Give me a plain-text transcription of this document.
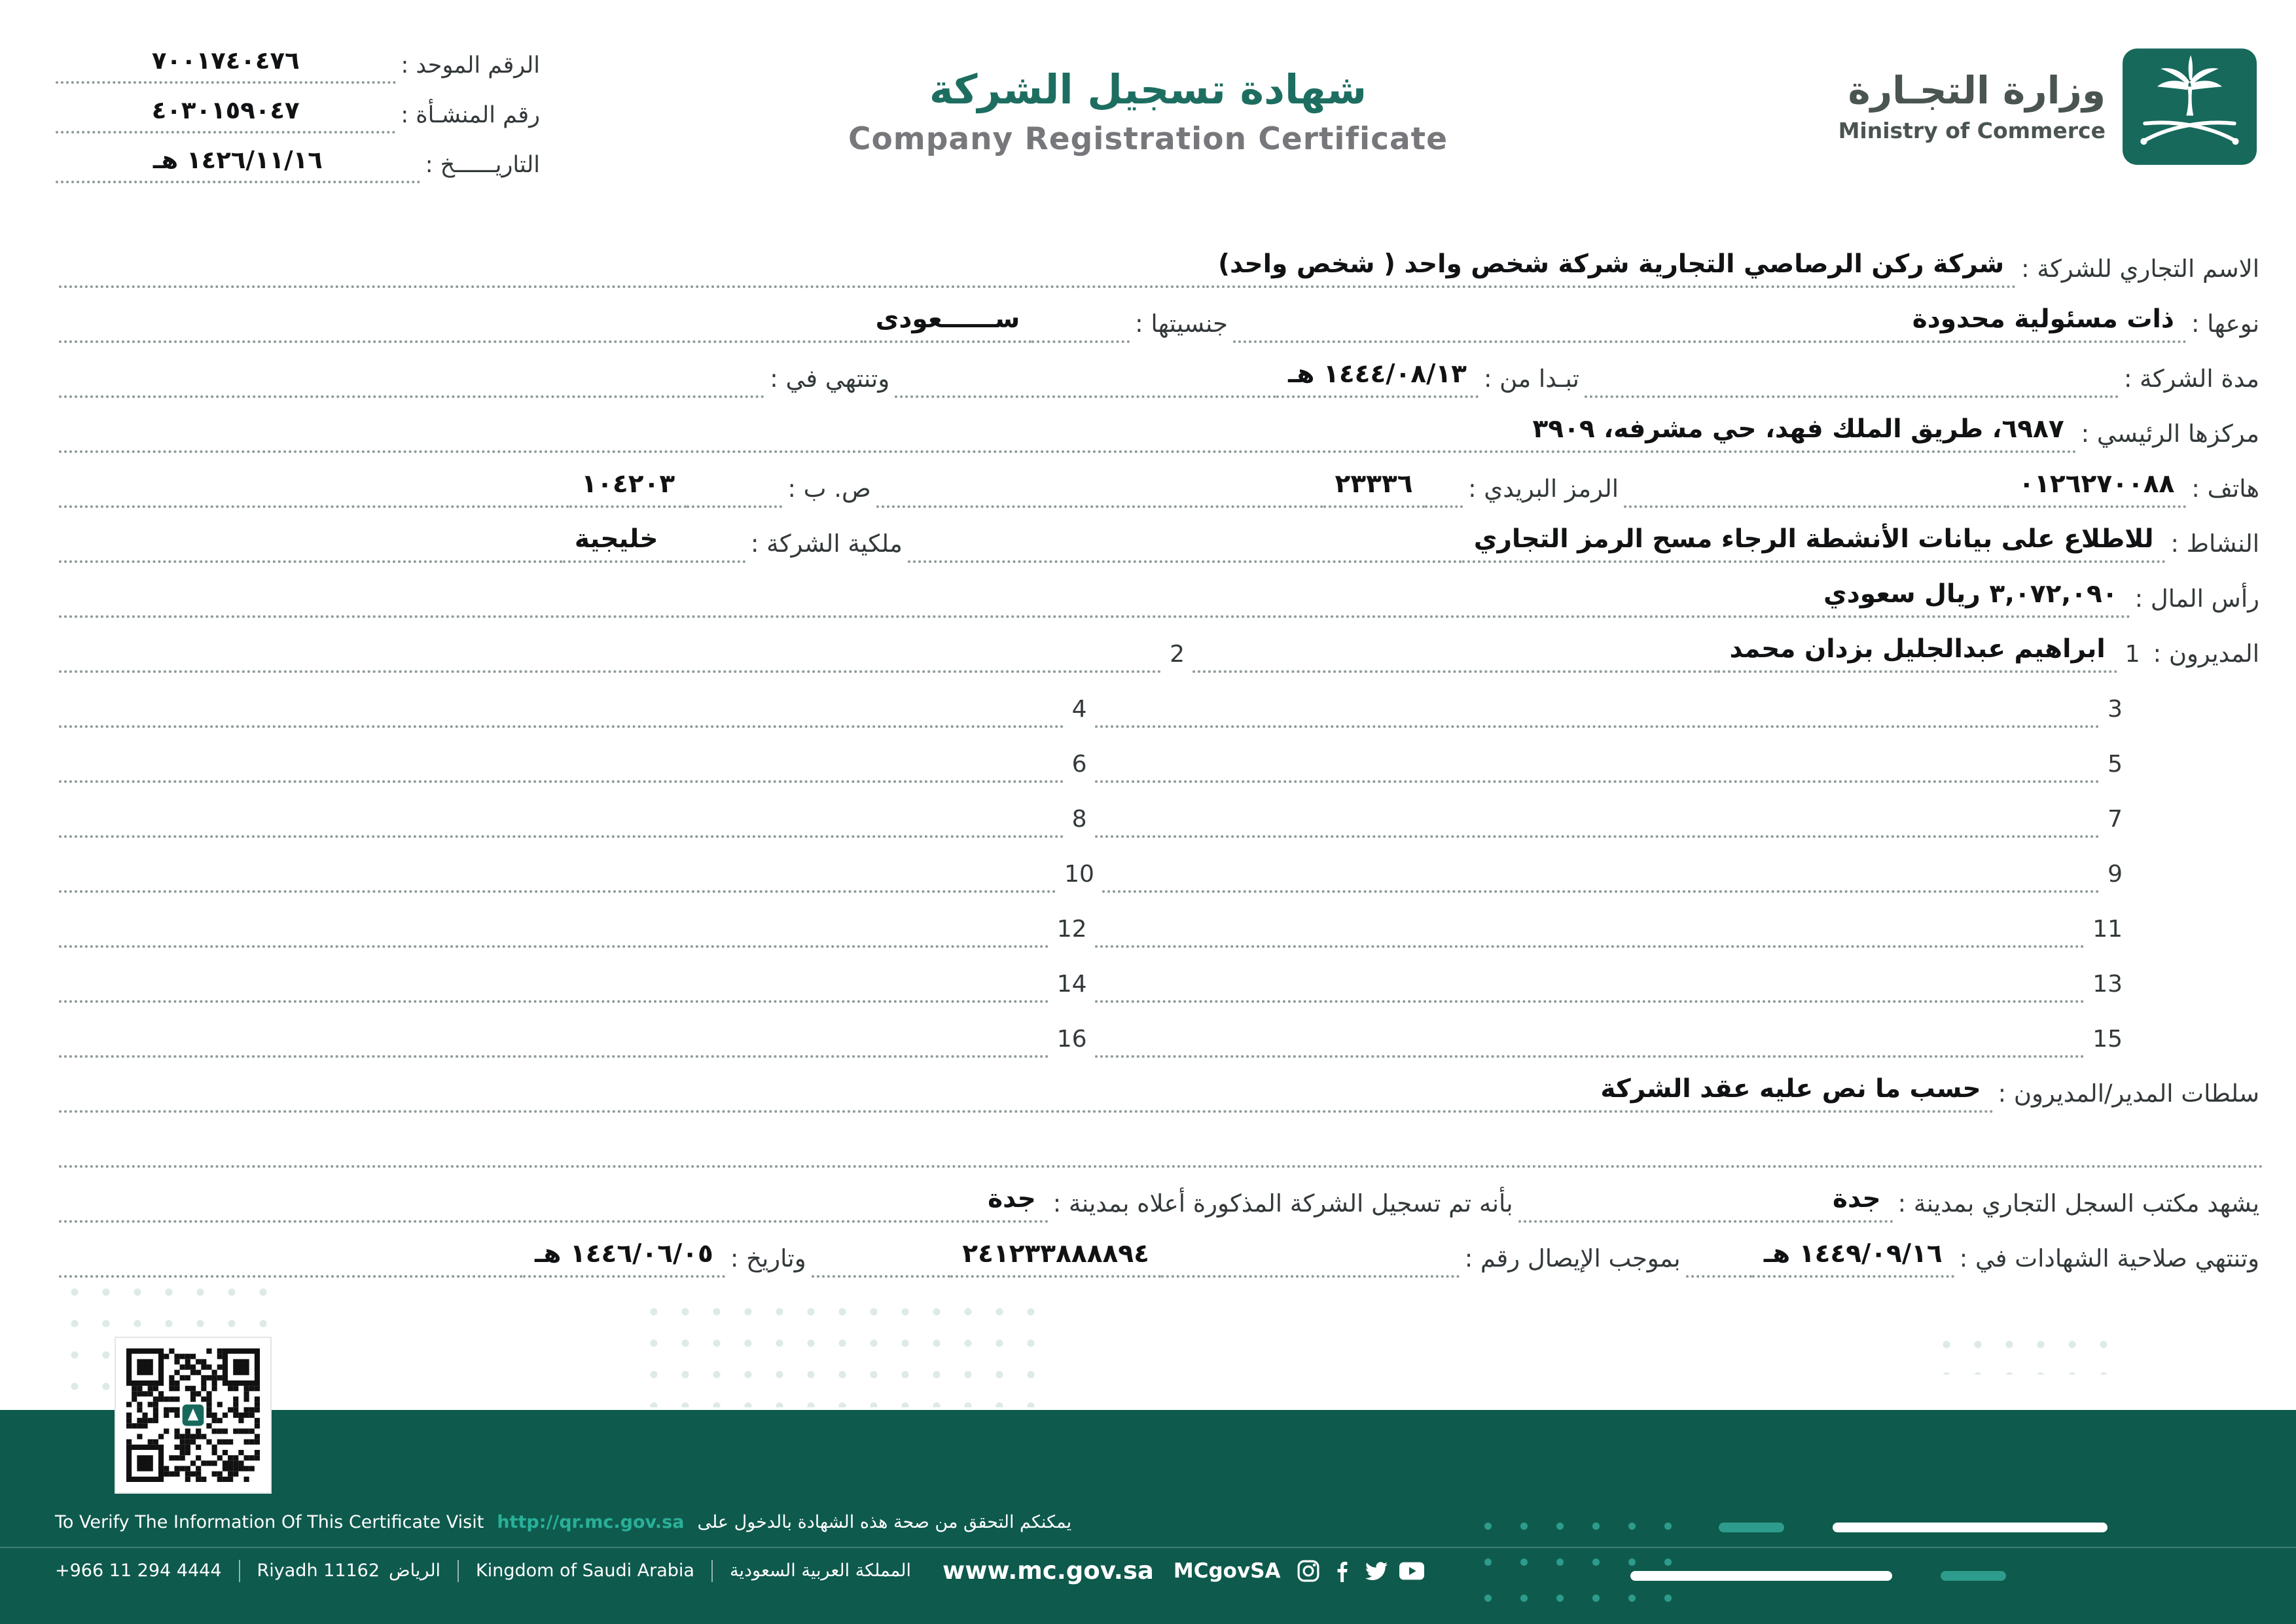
الرقم الموحد :
٧٠٠١٧٤٠٤٧٦
رقم المنشـأة :
٤٠٣٠١٥٩٠٤٧
التاريــــــخ :
١٤٢٦/١١/١٦ هـ
شهادة تسجيل الشركة
Company Registration Certificate
وزارة التجـارة
Ministry of Commerce
الاسم التجاري للشركة :
شركة ركن الرصاصي التجارية شركة شخص واحد ( شخص واحد)
نوعها :
ذات مسئولية محدودة
جنسيتها :
ســــــعودى
مدة الشركة :
تبـدا من :
١٤٤٤/٠٨/١٣ هـ
وتنتهي في :
مركزها الرئيسي :
٦٩٨٧، طريق الملك فهد، حي مشرفه، ٣٩٠٩
هاتف :
٠١٢٦٢٧٠٠٨٨
الرمز البريدي :
٢٣٣٣٦
ص. ب :
١٠٤٢٠٣
النشاط :
للاطلاع على بيانات الأنشطة الرجاء مسح الرمز التجاري
ملكية الشركة :
خليجية
رأس المال :
٣,٠٧٢,٠٩٠ ريال سعودي
المديرون :
1
ابراهيم عبدالجليل بزدان محمد
2
3
4
5
6
7
8
9
10
11
12
13
14
15
16
سلطات المدير/المديرون :
حسب ما نص عليه عقد الشركة
يشهد مكتب السجل التجاري بمدينة :
جدة
بأنه تم تسجيل الشركة المذكورة أعلاه بمدينة :
جدة
وتنتهي صلاحية الشهادات في :
١٤٤٩/٠٩/١٦ هـ
بموجب الإيصال رقم :
٢٤١٢٣٣٨٨٨٨٩٤
وتاريخ :
١٤٤٦/٠٦/٠٥ هـ
To Verify The Information Of This Certificate Visit http://qr.mc.gov.sa يمكنكم التحقق من صحة هذه الشهادة بالدخول على
+966 11 294 4444 Riyadh 11162 الرياض Kingdom of Saudi Arabia المملكة العربية السعودية www.mc.gov.sa MCgovSA
